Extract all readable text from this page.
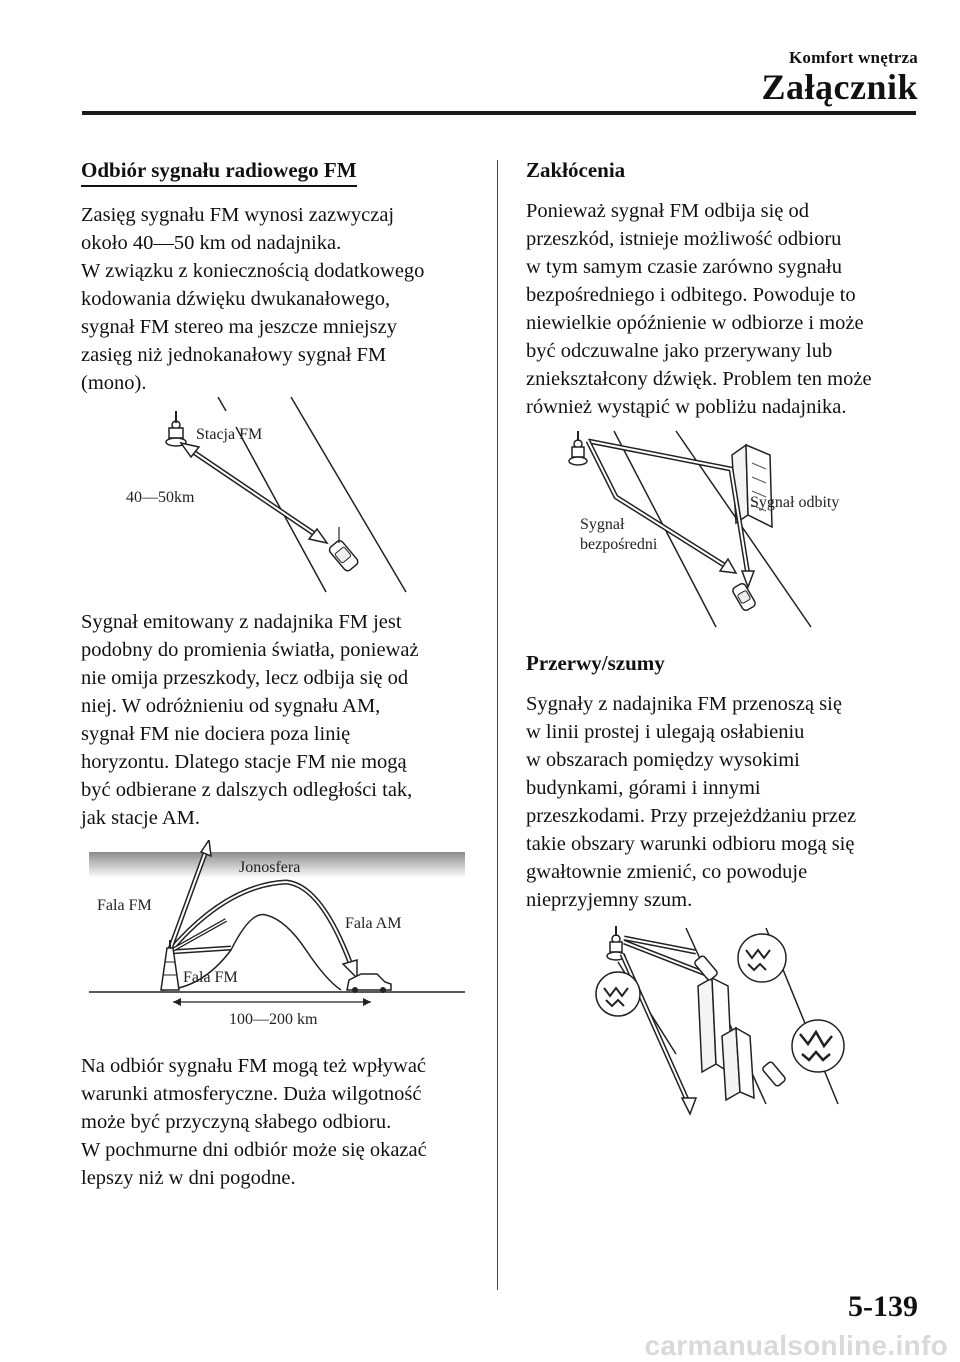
Komfort wnętrza
Załącznik
Odbiór sygnału radiowego FM

Zasięg sygnału FM wynosi zazwyczaj
około 40―50 km od nadajnika.
W związku z koniecznością dodatkowego
kodowania dźwięku dwukanałowego,
sygnał FM stereo ma jeszcze mniejszy
zasięg niż jednokanałowy sygnał FM
(mono).

Stacja FM
40―50km

Sygnał emitowany z nadajnika FM jest
podobny do promienia światła, ponieważ
nie omija przeszkody, lecz odbija się od
niej. W odróżnieniu od sygnału AM,
sygnał FM nie dociera poza linię
horyzontu. Dlatego stacje FM nie mogą
być odbierane z dalszych odległości tak,
jak stacje AM.

Jonosfera
Fala FM
Fala AM
Fala FM
100―200 km

Na odbiór sygnału FM mogą też wpływać
warunki atmosferyczne. Duża wilgotność
może być przyczyną słabego odbioru.
W pochmurne dni odbiór może się okazać
lepszy niż w dni pogodne.

Zakłócenia

Ponieważ sygnał FM odbija się od
przeszkód, istnieje możliwość odbioru
w tym samym czasie zarówno sygnału
bezpośredniego i odbitego. Powoduje to
niewielkie opóźnienie w odbiorze i może
być odczuwalne jako przerywany lub
zniekształcony dźwięk. Problem ten może
również wystąpić w pobliżu nadajnika.

Sygnał odbity
Sygnał
bezpośredni
Przerwy/szumy

Sygnały z nadajnika FM przenoszą się
w linii prostej i ulegają osłabieniu
w obszarach pomiędzy wysokimi
budynkami, górami i innymi
przeszkodami. Przy przejeżdżaniu przez
takie obszary warunki odbioru mogą się
gwałtownie zmienić, co powoduje
nieprzyjemny szum.

5-139
carmanualsonline.info
